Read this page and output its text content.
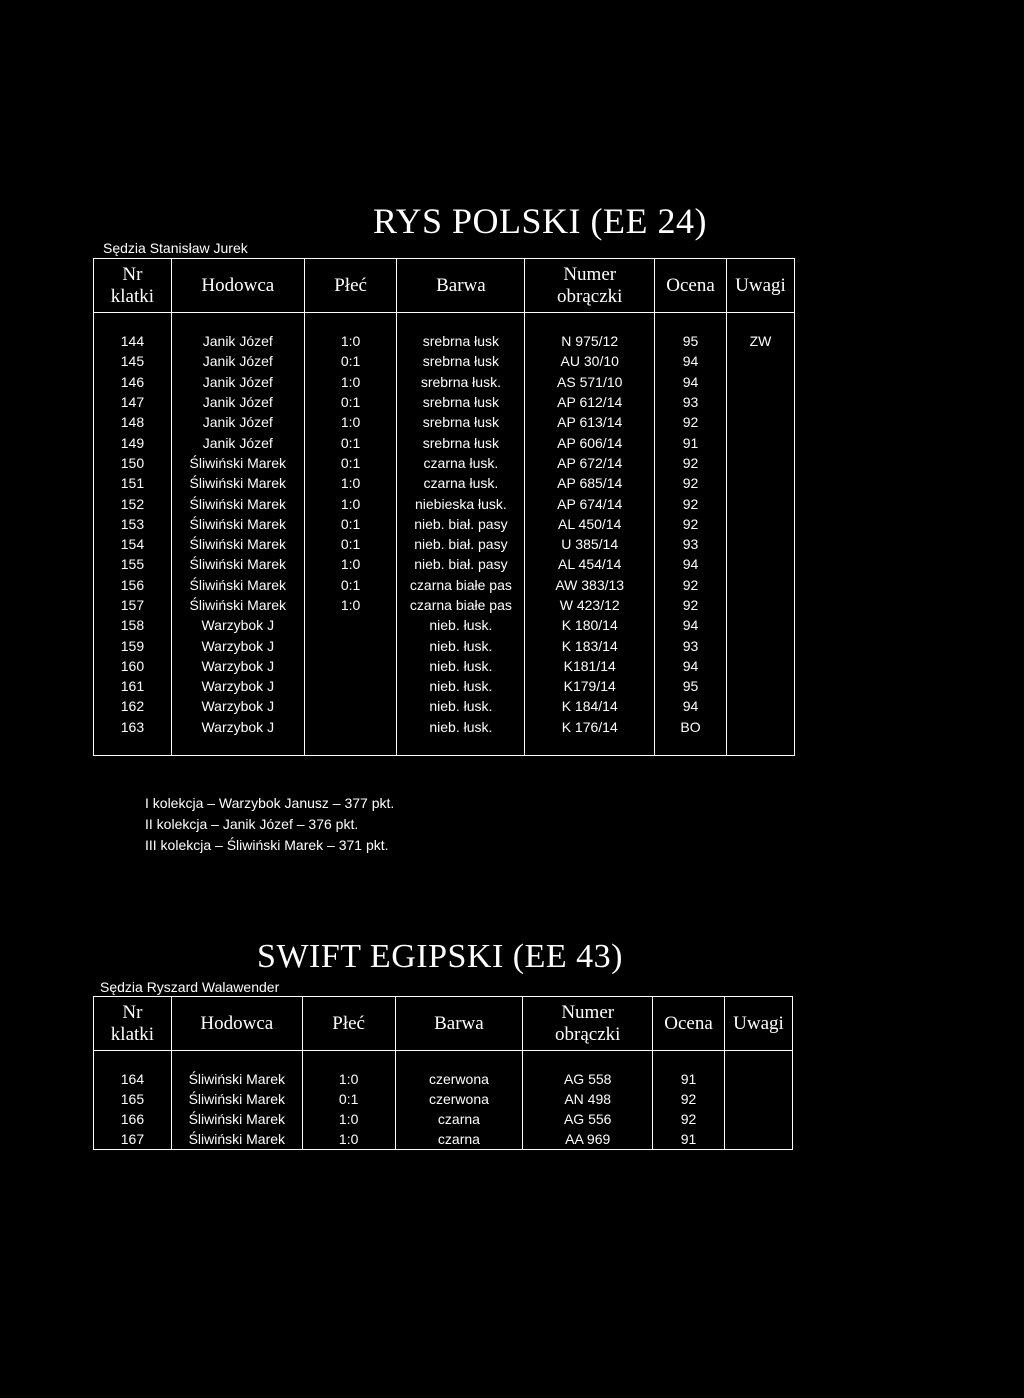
RYS POLSKI (EE 24)
Sędzia Stanisław Jurek
Nr
klatki	Hodowca	Płeć	Barwa	Numer
obrączki	Ocena	Uwagi

144	Janik Józef	1:0	srebrna łusk	N 975/12	95	ZW
145	Janik Józef	0:1	srebrna łusk	AU 30/10	94	
146	Janik Józef	1:0	srebrna łusk.	AS 571/10	94	
147	Janik Józef	0:1	srebrna łusk	AP 612/14	93	
148	Janik Józef	1:0	srebrna łusk	AP 613/14	92	
149	Janik Józef	0:1	srebrna łusk	AP 606/14	91	
150	Śliwiński Marek	0:1	czarna łusk.	AP 672/14	92	
151	Śliwiński Marek	1:0	czarna łusk.	AP 685/14	92	
152	Śliwiński Marek	1:0	niebieska łusk.	AP 674/14	92	
153	Śliwiński Marek	0:1	nieb. biał. pasy	AL 450/14	92	
154	Śliwiński Marek	0:1	nieb. biał. pasy	U 385/14	93	
155	Śliwiński Marek	1:0	nieb. biał. pasy	AL 454/14	94	
156	Śliwiński Marek	0:1	czarna białe pas	AW 383/13	92	
157	Śliwiński Marek	1:0	czarna białe pas	W 423/12	92	
158	Warzybok J		nieb. łusk.	K 180/14	94	
159	Warzybok J		nieb. łusk.	K 183/14	93	
160	Warzybok J		nieb. łusk.	K181/14	94	
161	Warzybok J		nieb. łusk.	K179/14	95	
162	Warzybok J		nieb. łusk.	K 184/14	94	
163	Warzybok J		nieb. łusk.	K 176/14	BO	

I kolekcja – Warzybok Janusz – 377 pkt.
II kolekcja – Janik Józef – 376 pkt.
III kolekcja – Śliwiński Marek – 371 pkt.
SWIFT EGIPSKI (EE 43)
Sędzia Ryszard Walawender
Nr
klatki	Hodowca	Płeć	Barwa	Numer
obrączki	Ocena	Uwagi

164	Śliwiński Marek	1:0	czerwona	AG 558	91	
165	Śliwiński Marek	0:1	czerwona	AN 498	92	
166	Śliwiński Marek	1:0	czarna	AG 556	92	
167	Śliwiński Marek	1:0	czarna	AA 969	91	
